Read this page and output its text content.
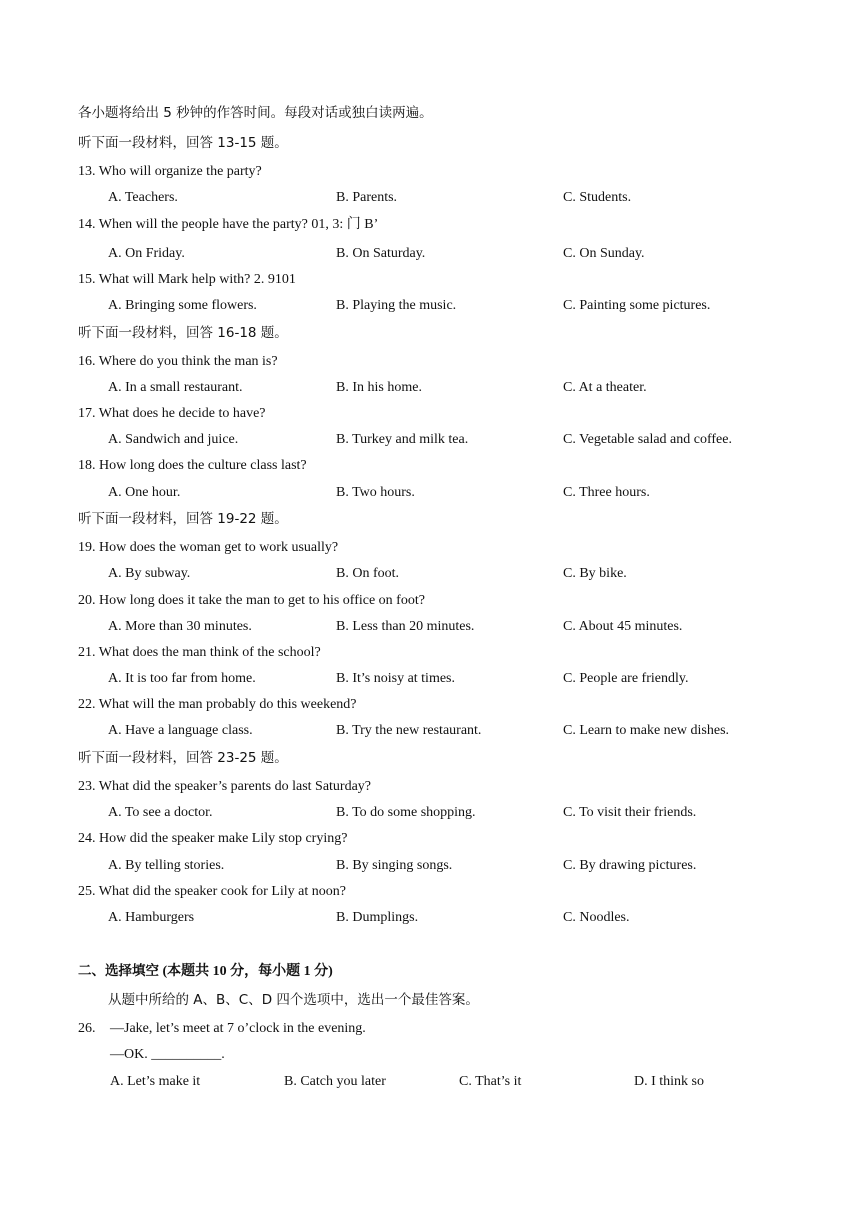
各小题将给出 5 秒钟的作答时间。每段对话或独白读两遍。
听下面一段材料，回答 13-15 题。
13. Who will organize the party?
A. Teachers.	B. Parents.	C. Students.
14. When will the people have the party? 01, 3: 门 B’
A. On Friday.	B. On Saturday.	C. On Sunday.
15. What will Mark help with? 2. 9101
A. Bringing some flowers.	B. Playing the music.	C. Painting some pictures.
听下面一段材料，回答 16-18 题。
16. Where do you think the man is?
A. In a small restaurant.	B. In his home.	C. At a theater.
17. What does he decide to have?
A. Sandwich and juice.	B. Turkey and milk tea.	C. Vegetable salad and coffee.
18. How long does the culture class last?
A. One hour.	B. Two hours.	C. Three hours.
听下面一段材料，回答 19-22 题。
19. How does the woman get to work usually?
A. By subway.	B. On foot.	C. By bike.
20. How long does it take the man to get to his office on foot?
A. More than 30 minutes.	B. Less than 20 minutes.	C. About 45 minutes.
21. What does the man think of the school?
A. It is too far from home.	B. It’s noisy at times.	C. People are friendly.
22. What will the man probably do this weekend?
A. Have a language class.	B. Try the new restaurant.	C. Learn to make new dishes.
听下面一段材料，回答 23-25 题。
23. What did the speaker’s parents do last Saturday?
A. To see a doctor.	B. To do some shopping.	C. To visit their friends.
24. How did the speaker make Lily stop crying?
A. By telling stories.	B. By singing songs.	C. By drawing pictures.
25. What did the speaker cook for Lily at noon?
A. Hamburgers	B. Dumplings.	C. Noodles.
二、选择填空 (本题共 10 分，每小题 1 分)
从题中所给的 A、B、C、D 四个选项中，选出一个最佳答案。
26. —Jake, let’s meet at 7 o’clock in the evening.
—OK. __________.
A. Let’s make it	B. Catch you later	C. That’s it	D. I think so
